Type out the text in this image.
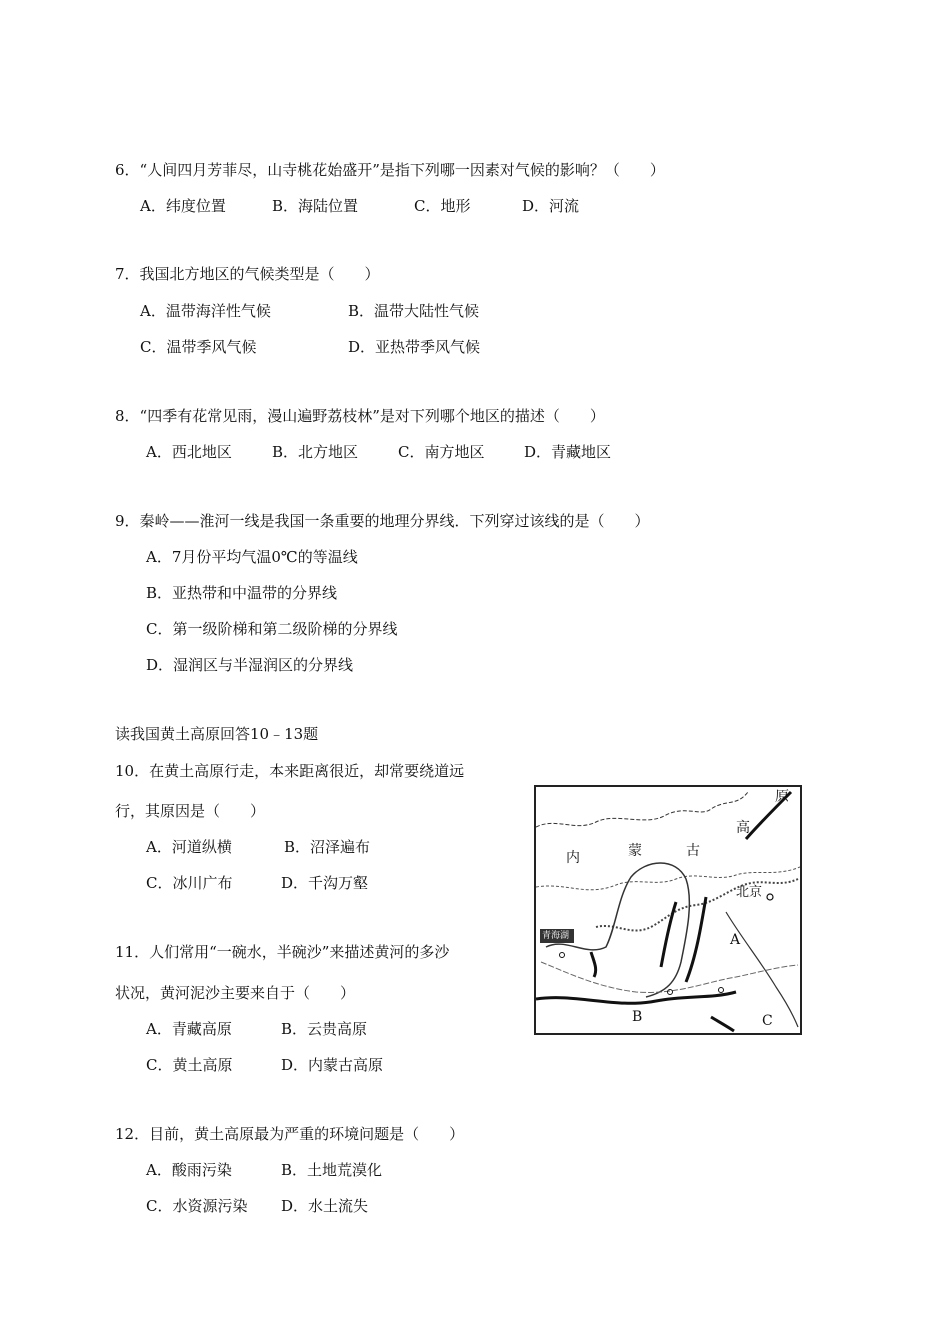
6．“人间四月芳菲尽，山寺桃花始盛开”是指下列哪一因素对气候的影响？（　　）
A．纬度位置	B．海陆位置	C．地形	D．河流
7．我国北方地区的气候类型是（　　）
A．温带海洋性气候	B．温带大陆性气候
C．温带季风气候	D．亚热带季风气候
8．“四季有花常见雨，漫山遍野荔枝林”是对下列哪个地区的描述（　　）
A．西北地区	B．北方地区	C．南方地区	D．青藏地区
9．秦岭——淮河一线是我国一条重要的地理分界线．下列穿过该线的是（　　）
A．7月份平均气温0℃的等温线
B．亚热带和中温带的分界线
C．第一级阶梯和第二级阶梯的分界线
D．湿润区与半湿润区的分界线
读我国黄土高原回答10﹣13题
10．在黄土高原行走，本来距离很近，却常要绕道远
行，其原因是（　　）
A．河道纵横	B．沼泽遍布
C．冰川广布	D．千沟万壑
11．人们常用“一碗水，半碗沙”来描述黄河的多沙
状况，黄河泥沙主要来自于（　　）
A．青藏高原	B．云贵高原
C．黄土高原	D．内蒙古高原
12．目前，黄土高原最为严重的环境问题是（　　）
A．酸雨污染	B．土地荒漠化
C．水资源污染 D．水土流失
原
高
内	蒙	古
北京
A
B	C
青海湖
